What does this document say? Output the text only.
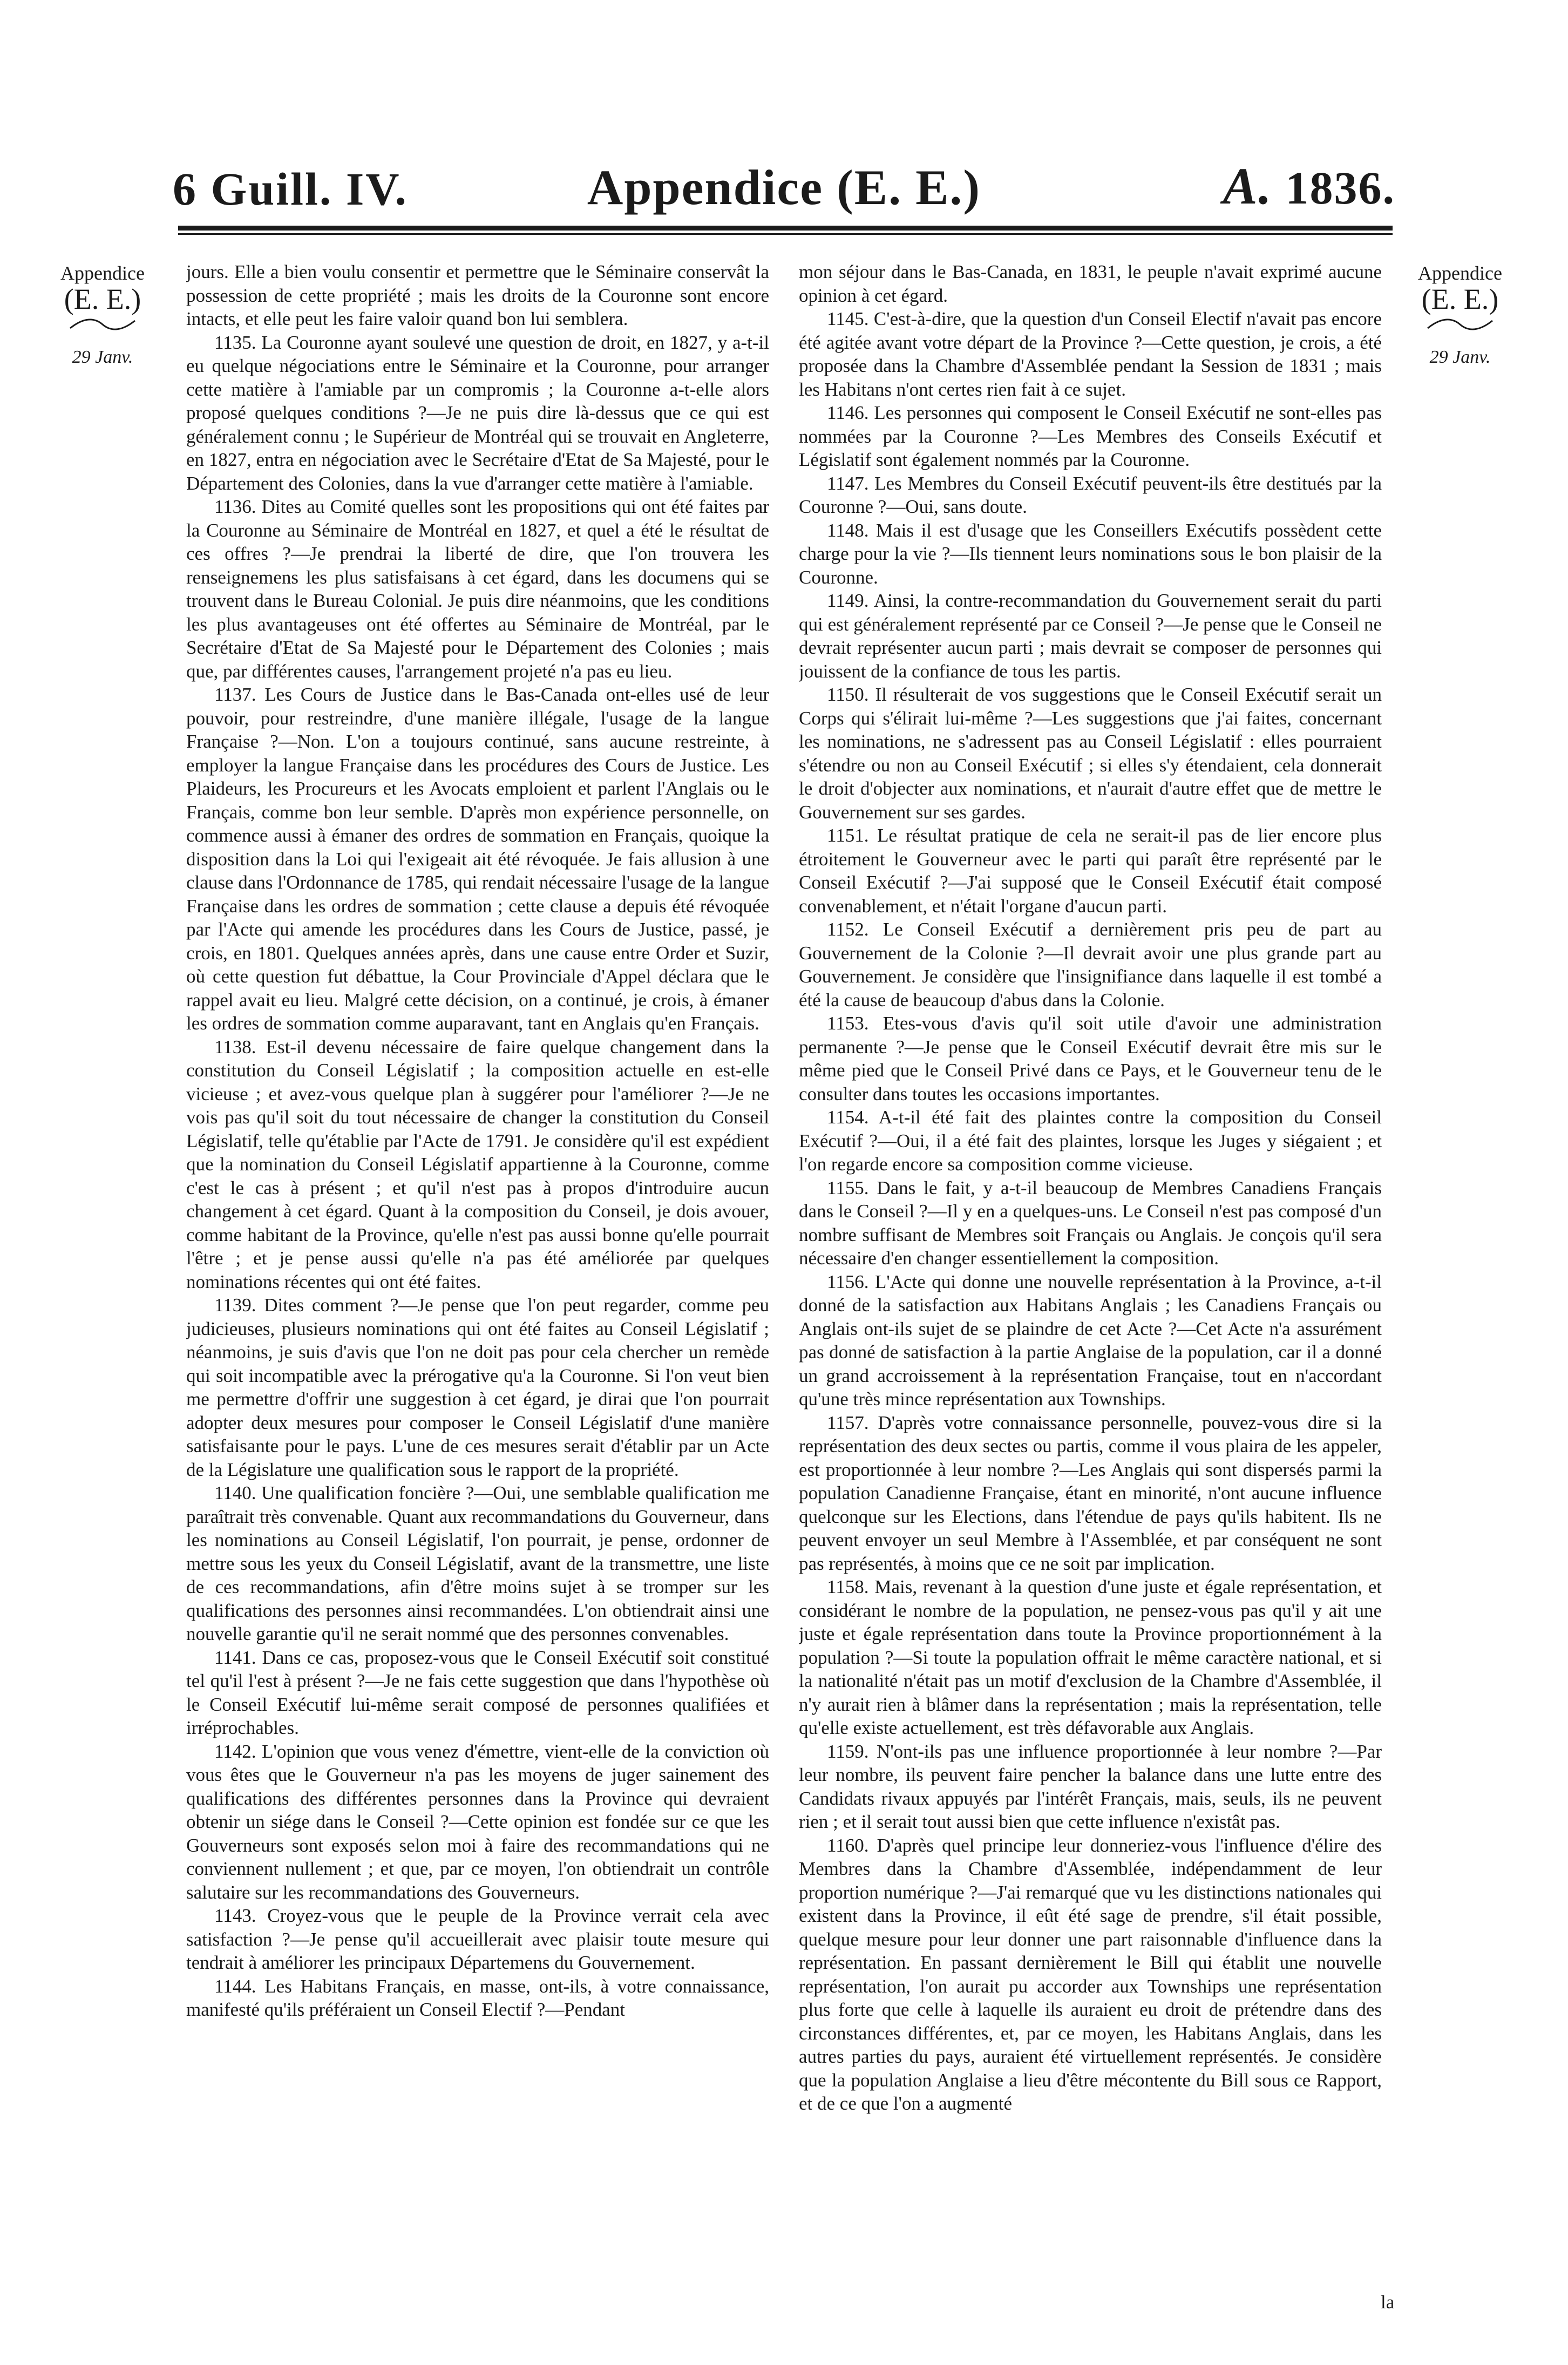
6 Guill. IV.	Appendice (E. E.)	A. 1836.
Appendice
(E. E.)
29 Janv.
Appendice
(E. E.)
29 Janv.

jours. Elle a bien voulu consentir et permettre que le Séminaire conservât la possession de cette propriété ; mais les droits de la Couronne sont encore intacts, et elle peut les faire valoir quand bon lui semblera.

1135. La Couronne ayant soulevé une question de droit, en 1827, y a-t-il eu quelque négociations entre le Séminaire et la Couronne, pour arranger cette matière à l'amiable par un compromis ; la Couronne a-t-elle alors proposé quelques conditions ?—Je ne puis dire là-dessus que ce qui est généralement connu ; le Supérieur de Montréal qui se trouvait en Angleterre, en 1827, entra en négociation avec le Secrétaire d'Etat de Sa Majesté, pour le Département des Colonies, dans la vue d'arranger cette matière à l'amiable.

1136. Dites au Comité quelles sont les propositions qui ont été faites par la Couronne au Séminaire de Montréal en 1827, et quel a été le résultat de ces offres ?—Je prendrai la liberté de dire, que l'on trouvera les renseignemens les plus satisfaisans à cet égard, dans les documens qui se trouvent dans le Bureau Colonial. Je puis dire néanmoins, que les conditions les plus avantageuses ont été offertes au Séminaire de Montréal, par le Secrétaire d'Etat de Sa Majesté pour le Département des Colonies ; mais que, par différentes causes, l'arrangement projeté n'a pas eu lieu.

1137. Les Cours de Justice dans le Bas-Canada ont-elles usé de leur pouvoir, pour restreindre, d'une manière illégale, l'usage de la langue Française ?—Non. L'on a toujours continué, sans aucune restreinte, à employer la langue Française dans les procédures des Cours de Justice. Les Plaideurs, les Procureurs et les Avocats emploient et parlent l'Anglais ou le Français, comme bon leur semble. D'après mon expérience personnelle, on commence aussi à émaner des ordres de sommation en Français, quoique la disposition dans la Loi qui l'exigeait ait été révoquée. Je fais allusion à une clause dans l'Ordonnance de 1785, qui rendait nécessaire l'usage de la langue Française dans les ordres de sommation ; cette clause a depuis été révoquée par l'Acte qui amende les procédures dans les Cours de Justice, passé, je crois, en 1801. Quelques années après, dans une cause entre Order et Suzir, où cette question fut débattue, la Cour Provinciale d'Appel déclara que le rappel avait eu lieu. Malgré cette décision, on a continué, je crois, à émaner les ordres de sommation comme auparavant, tant en Anglais qu'en Français.

1138. Est-il devenu nécessaire de faire quelque changement dans la constitution du Conseil Législatif ; la composition actuelle en est-elle vicieuse ; et avez-vous quelque plan à suggérer pour l'améliorer ?—Je ne vois pas qu'il soit du tout nécessaire de changer la constitution du Conseil Législatif, telle qu'établie par l'Acte de 1791. Je considère qu'il est expédient que la nomination du Conseil Législatif appartienne à la Couronne, comme c'est le cas à présent ; et qu'il n'est pas à propos d'introduire aucun changement à cet égard. Quant à la composition du Conseil, je dois avouer, comme habitant de la Province, qu'elle n'est pas aussi bonne qu'elle pourrait l'être ; et je pense aussi qu'elle n'a pas été améliorée par quelques nominations récentes qui ont été faites.

1139. Dites comment ?—Je pense que l'on peut regarder, comme peu judicieuses, plusieurs nominations qui ont été faites au Conseil Législatif ; néanmoins, je suis d'avis que l'on ne doit pas pour cela chercher un remède qui soit incompatible avec la prérogative qu'a la Couronne. Si l'on veut bien me permettre d'offrir une suggestion à cet égard, je dirai que l'on pourrait adopter deux mesures pour composer le Conseil Législatif d'une manière satisfaisante pour le pays. L'une de ces mesures serait d'établir par un Acte de la Législature une qualification sous le rapport de la propriété.

1140. Une qualification foncière ?—Oui, une semblable qualification me paraîtrait très convenable. Quant aux recommandations du Gouverneur, dans les nominations au Conseil Législatif, l'on pourrait, je pense, ordonner de mettre sous les yeux du Conseil Législatif, avant de la transmettre, une liste de ces recommandations, afin d'être moins sujet à se tromper sur les qualifications des personnes ainsi recommandées. L'on obtiendrait ainsi une nouvelle garantie qu'il ne serait nommé que des personnes convenables.

1141. Dans ce cas, proposez-vous que le Conseil Exécutif soit constitué tel qu'il l'est à présent ?—Je ne fais cette suggestion que dans l'hypothèse où le Conseil Exécutif lui-même serait composé de personnes qualifiées et irréprochables.

1142. L'opinion que vous venez d'émettre, vient-elle de la conviction où vous êtes que le Gouverneur n'a pas les moyens de juger sainement des qualifications des différentes personnes dans la Province qui devraient obtenir un siége dans le Conseil ?—Cette opinion est fondée sur ce que les Gouverneurs sont exposés selon moi à faire des recommandations qui ne conviennent nullement ; et que, par ce moyen, l'on obtiendrait un contrôle salutaire sur les recommandations des Gouverneurs.

1143. Croyez-vous que le peuple de la Province verrait cela avec satisfaction ?—Je pense qu'il accueillerait avec plaisir toute mesure qui tendrait à améliorer les principaux Départemens du Gouvernement.

1144. Les Habitans Français, en masse, ont-ils, à votre connaissance, manifesté qu'ils préféraient un Conseil Electif ?—Pendant

mon séjour dans le Bas-Canada, en 1831, le peuple n'avait exprimé aucune opinion à cet égard.

1145. C'est-à-dire, que la question d'un Conseil Electif n'avait pas encore été agitée avant votre départ de la Province ?—Cette question, je crois, a été proposée dans la Chambre d'Assemblée pendant la Session de 1831 ; mais les Habitans n'ont certes rien fait à ce sujet.

1146. Les personnes qui composent le Conseil Exécutif ne sont-elles pas nommées par la Couronne ?—Les Membres des Conseils Exécutif et Législatif sont également nommés par la Couronne.

1147. Les Membres du Conseil Exécutif peuvent-ils être destitués par la Couronne ?—Oui, sans doute.

1148. Mais il est d'usage que les Conseillers Exécutifs possèdent cette charge pour la vie ?—Ils tiennent leurs nominations sous le bon plaisir de la Couronne.

1149. Ainsi, la contre-recommandation du Gouvernement serait du parti qui est généralement représenté par ce Conseil ?—Je pense que le Conseil ne devrait représenter aucun parti ; mais devrait se composer de personnes qui jouissent de la confiance de tous les partis.

1150. Il résulterait de vos suggestions que le Conseil Exécutif serait un Corps qui s'élirait lui-même ?—Les suggestions que j'ai faites, concernant les nominations, ne s'adressent pas au Conseil Législatif : elles pourraient s'étendre ou non au Conseil Exécutif ; si elles s'y étendaient, cela donnerait le droit d'objecter aux nominations, et n'aurait d'autre effet que de mettre le Gouvernement sur ses gardes.

1151. Le résultat pratique de cela ne serait-il pas de lier encore plus étroitement le Gouverneur avec le parti qui paraît être représenté par le Conseil Exécutif ?—J'ai supposé que le Conseil Exécutif était composé convenablement, et n'était l'organe d'aucun parti.

1152. Le Conseil Exécutif a dernièrement pris peu de part au Gouvernement de la Colonie ?—Il devrait avoir une plus grande part au Gouvernement. Je considère que l'insignifiance dans laquelle il est tombé a été la cause de beaucoup d'abus dans la Colonie.

1153. Etes-vous d'avis qu'il soit utile d'avoir une administration permanente ?—Je pense que le Conseil Exécutif devrait être mis sur le même pied que le Conseil Privé dans ce Pays, et le Gouverneur tenu de le consulter dans toutes les occasions importantes.

1154. A-t-il été fait des plaintes contre la composition du Conseil Exécutif ?—Oui, il a été fait des plaintes, lorsque les Juges y siégaient ; et l'on regarde encore sa composition comme vicieuse.

1155. Dans le fait, y a-t-il beaucoup de Membres Canadiens Français dans le Conseil ?—Il y en a quelques-uns. Le Conseil n'est pas composé d'un nombre suffisant de Membres soit Français ou Anglais. Je conçois qu'il sera nécessaire d'en changer essentiellement la composition.

1156. L'Acte qui donne une nouvelle représentation à la Province, a-t-il donné de la satisfaction aux Habitans Anglais ; les Canadiens Français ou Anglais ont-ils sujet de se plaindre de cet Acte ?—Cet Acte n'a assurément pas donné de satisfaction à la partie Anglaise de la population, car il a donné un grand accroissement à la représentation Française, tout en n'accordant qu'une très mince représentation aux Townships.

1157. D'après votre connaissance personnelle, pouvez-vous dire si la représentation des deux sectes ou partis, comme il vous plaira de les appeler, est proportionnée à leur nombre ?—Les Anglais qui sont dispersés parmi la population Canadienne Française, étant en minorité, n'ont aucune influence quelconque sur les Elections, dans l'étendue de pays qu'ils habitent. Ils ne peuvent envoyer un seul Membre à l'Assemblée, et par conséquent ne sont pas représentés, à moins que ce ne soit par implication.

1158. Mais, revenant à la question d'une juste et égale représentation, et considérant le nombre de la population, ne pensez-vous pas qu'il y ait une juste et égale représentation dans toute la Province proportionnément à la population ?—Si toute la population offrait le même caractère national, et si la nationalité n'était pas un motif d'exclusion de la Chambre d'Assemblée, il n'y aurait rien à blâmer dans la représentation ; mais la représentation, telle qu'elle existe actuellement, est très défavorable aux Anglais.

1159. N'ont-ils pas une influence proportionnée à leur nombre ?—Par leur nombre, ils peuvent faire pencher la balance dans une lutte entre des Candidats rivaux appuyés par l'intérêt Français, mais, seuls, ils ne peuvent rien ; et il serait tout aussi bien que cette influence n'existât pas.

1160. D'après quel principe leur donneriez-vous l'influence d'élire des Membres dans la Chambre d'Assemblée, indépendamment de leur proportion numérique ?—J'ai remarqué que vu les distinctions nationales qui existent dans la Province, il eût été sage de prendre, s'il était possible, quelque mesure pour leur donner une part raisonnable d'influence dans la représentation. En passant dernièrement le Bill qui établit une nouvelle représentation, l'on aurait pu accorder aux Townships une représentation plus forte que celle à laquelle ils auraient eu droit de prétendre dans des circonstances différentes, et, par ce moyen, les Habitans Anglais, dans les autres parties du pays, auraient été virtuellement représentés. Je considère que la population Anglaise a lieu d'être mécontente du Bill sous ce Rapport, et de ce que l'on a augmenté

la
